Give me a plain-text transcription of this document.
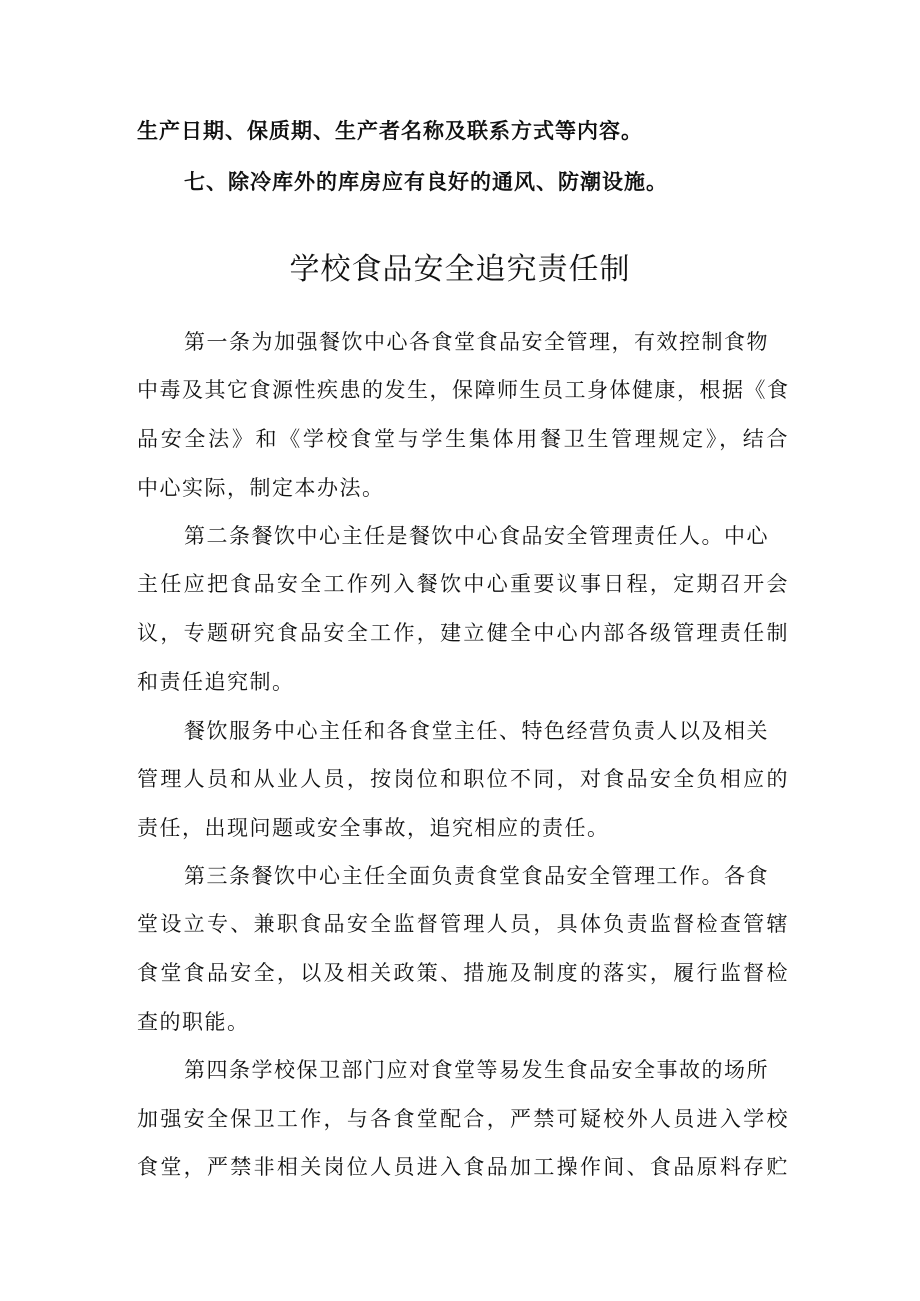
生产日期、保质期、生产者名称及联系方式等内容。
七、除冷库外的库房应有良好的通风、防潮设施。
学校食品安全追究责任制
第一条为加强餐饮中心各食堂食品安全管理，有效控制食物
中毒及其它食源性疾患的发生，保障师生员工身体健康，根据《食
品安全法》和《学校食堂与学生集体用餐卫生管理规定》，结合
中心实际，制定本办法。
第二条餐饮中心主任是餐饮中心食品安全管理责任人。中心
主任应把食品安全工作列入餐饮中心重要议事日程，定期召开会
议，专题研究食品安全工作，建立健全中心内部各级管理责任制
和责任追究制。
餐饮服务中心主任和各食堂主任、特色经营负责人以及相关
管理人员和从业人员，按岗位和职位不同，对食品安全负相应的
责任，出现问题或安全事故，追究相应的责任。
第三条餐饮中心主任全面负责食堂食品安全管理工作。各食
堂设立专、兼职食品安全监督管理人员，具体负责监督检查管辖
食堂食品安全，以及相关政策、措施及制度的落实，履行监督检
查的职能。
第四条学校保卫部门应对食堂等易发生食品安全事故的场所
加强安全保卫工作，与各食堂配合，严禁可疑校外人员进入学校
食堂，严禁非相关岗位人员进入食品加工操作间、食品原料存贮
